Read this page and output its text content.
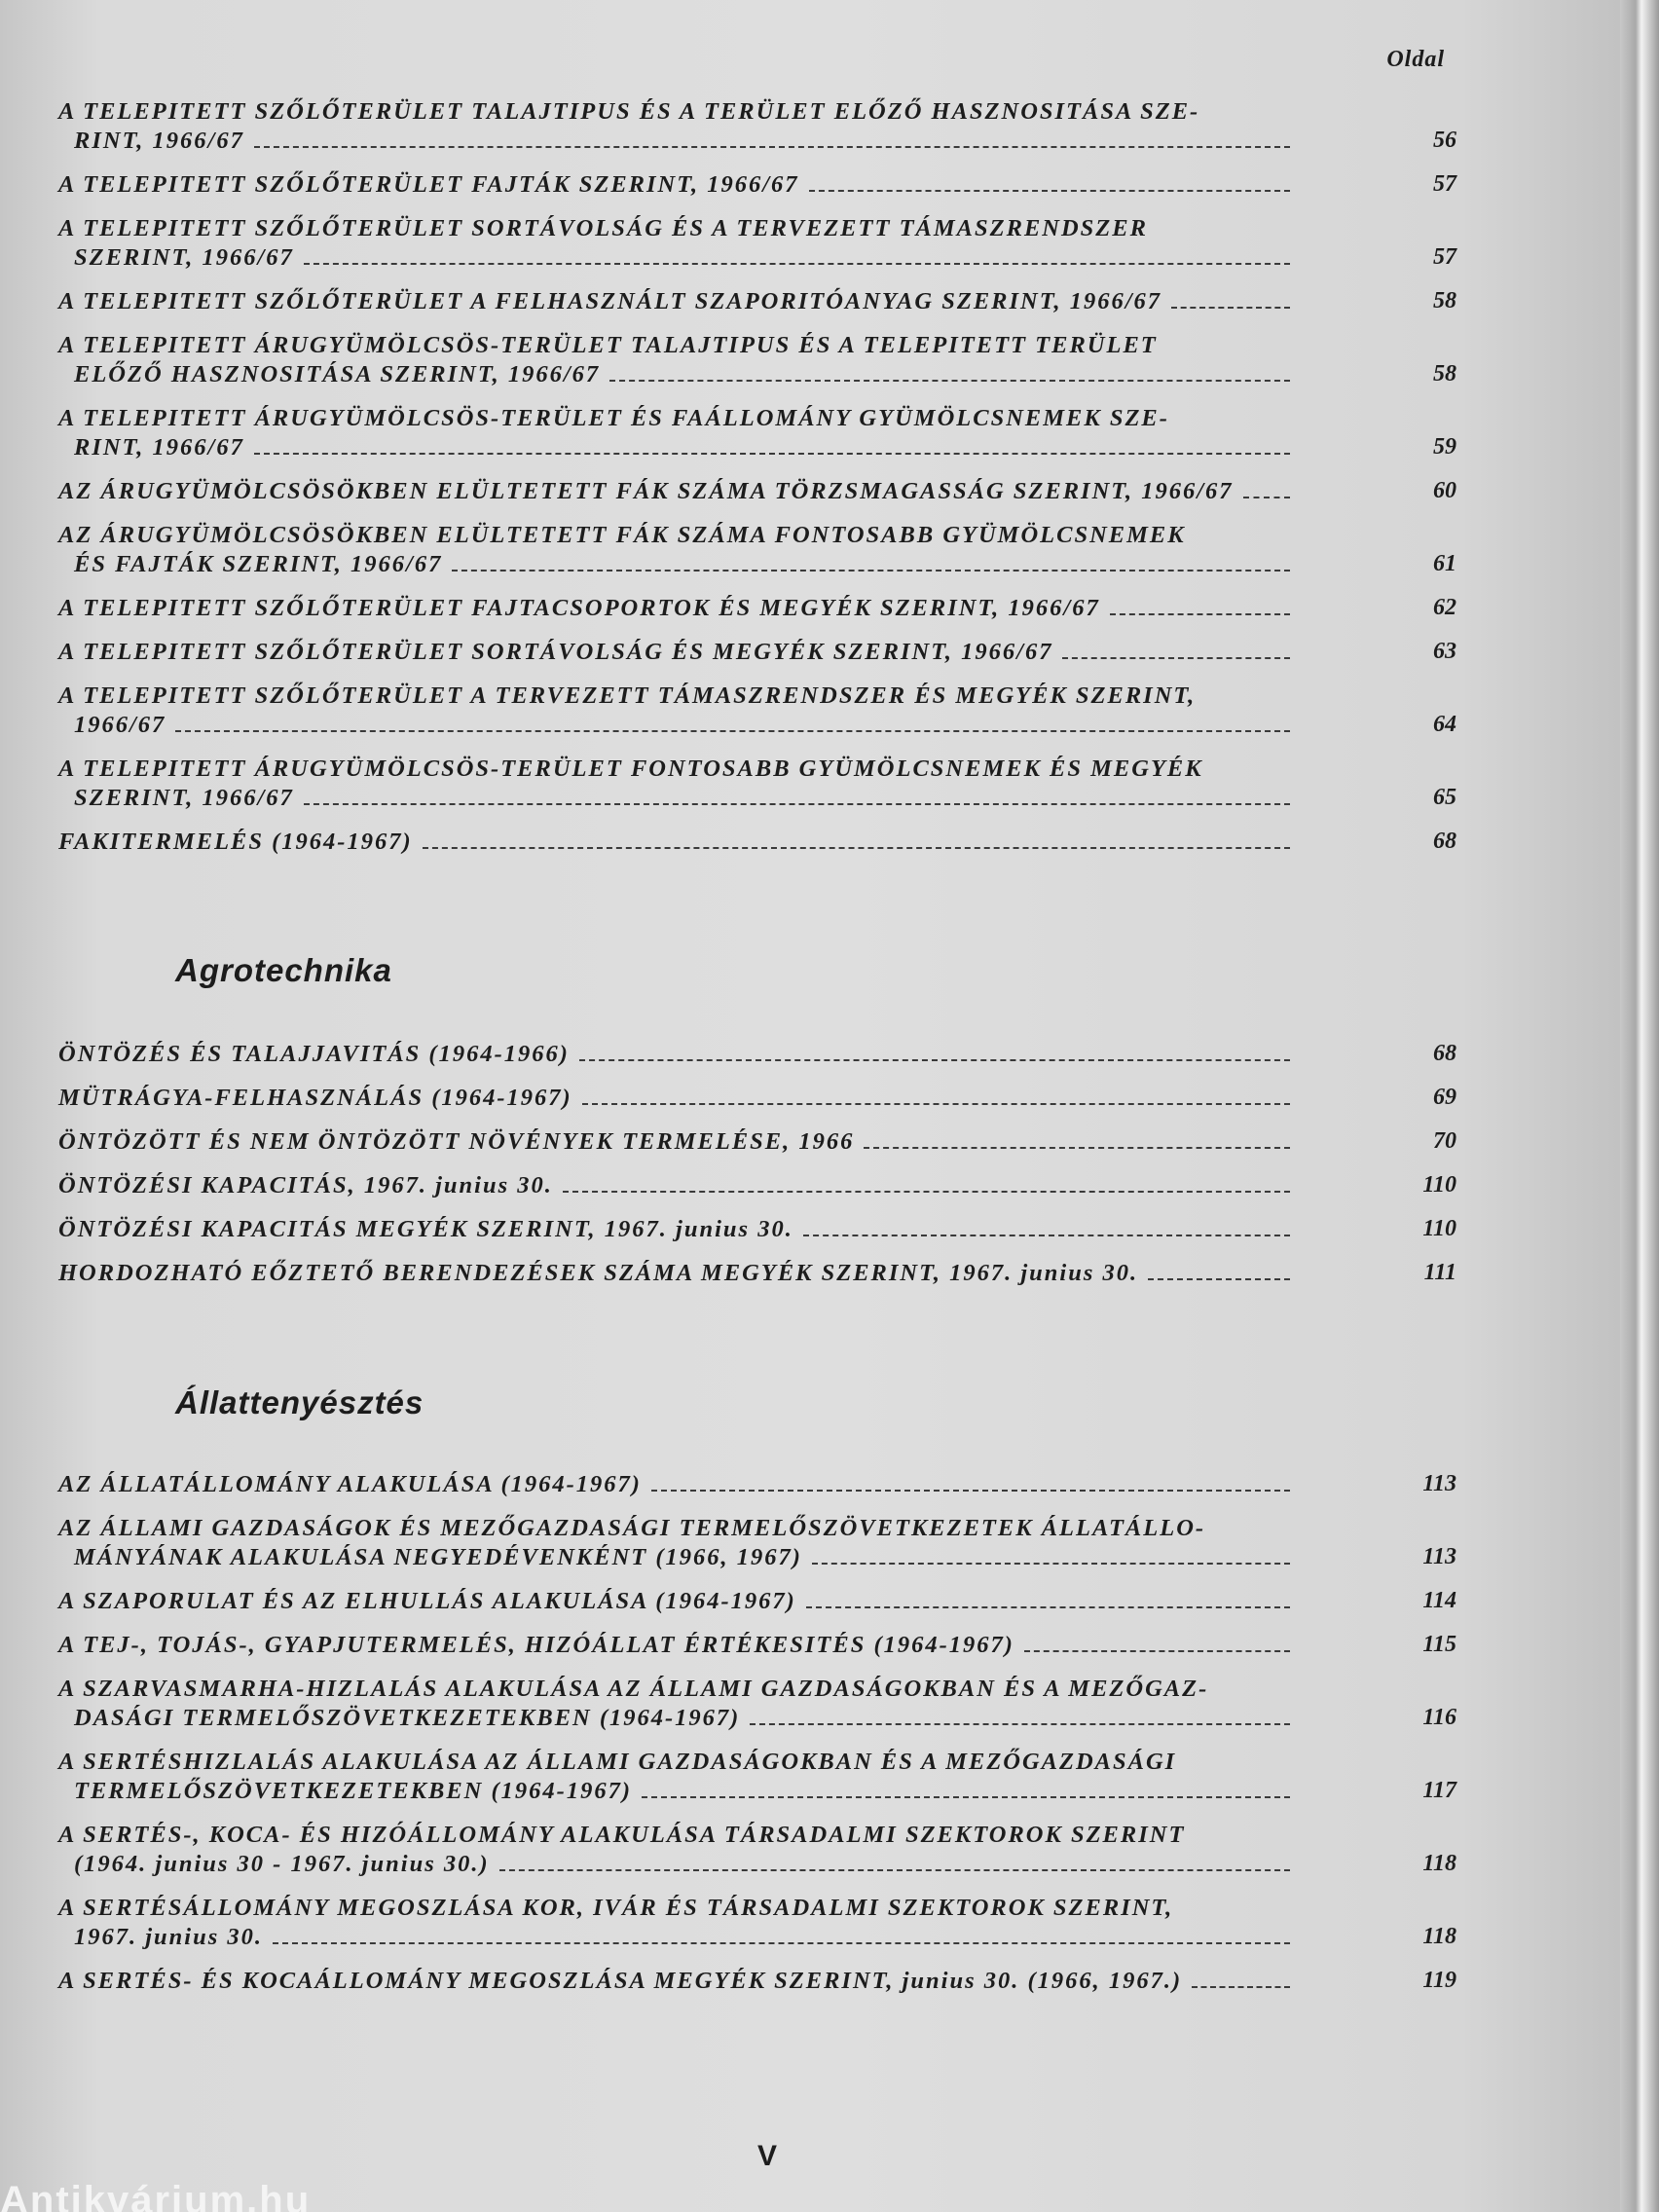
Oldal
A TELEPITETT SZŐLŐTERÜLET TALAJTIPUS ÉS A TERÜLET ELŐZŐ HASZNOSITÁSA SZE-
RINT, 1966/67	56
A TELEPITETT SZŐLŐTERÜLET FAJTÁK SZERINT, 1966/67	57
A TELEPITETT SZŐLŐTERÜLET SORTÁVOLSÁG ÉS A TERVEZETT TÁMASZRENDSZER
SZERINT, 1966/67	57
A TELEPITETT SZŐLŐTERÜLET A FELHASZNÁLT SZAPORITÓANYAG SZERINT, 1966/67	58
A TELEPITETT ÁRUGYÜMÖLCSÖS-TERÜLET TALAJTIPUS ÉS A TELEPITETT TERÜLET
ELŐZŐ HASZNOSITÁSA SZERINT, 1966/67	58
A TELEPITETT ÁRUGYÜMÖLCSÖS-TERÜLET ÉS FAÁLLOMÁNY GYÜMÖLCSNEMEK SZE-
RINT, 1966/67	59
AZ ÁRUGYÜMÖLCSÖSÖKBEN ELÜLTETETT FÁK SZÁMA TÖRZSMAGASSÁG SZERINT, 1966/67	60
AZ ÁRUGYÜMÖLCSÖSÖKBEN ELÜLTETETT FÁK SZÁMA FONTOSABB GYÜMÖLCSNEMEK
ÉS FAJTÁK SZERINT, 1966/67	61
A TELEPITETT SZŐLŐTERÜLET FAJTACSOPORTOK ÉS MEGYÉK SZERINT, 1966/67	62
A TELEPITETT SZŐLŐTERÜLET SORTÁVOLSÁG ÉS MEGYÉK SZERINT, 1966/67	63
A TELEPITETT SZŐLŐTERÜLET A TERVEZETT TÁMASZRENDSZER ÉS MEGYÉK SZERINT,
1966/67	64
A TELEPITETT ÁRUGYÜMÖLCSÖS-TERÜLET FONTOSABB GYÜMÖLCSNEMEK ÉS MEGYÉK
SZERINT, 1966/67	65
FAKITERMELÉS (1964-1967)	68
Agrotechnika
ÖNTÖZÉS ÉS TALAJJAVITÁS (1964-1966)	68
MÜTRÁGYA-FELHASZNÁLÁS (1964-1967)	69
ÖNTÖZÖTT ÉS NEM ÖNTÖZÖTT NÖVÉNYEK TERMELÉSE, 1966	70
ÖNTÖZÉSI KAPACITÁS, 1967. junius 30.	110
ÖNTÖZÉSI KAPACITÁS MEGYÉK SZERINT, 1967. junius 30.	110
HORDOZHATÓ EŐZTETŐ BERENDEZÉSEK SZÁMA MEGYÉK SZERINT, 1967. junius 30.	111
Állattenyésztés
AZ ÁLLATÁLLOMÁNY ALAKULÁSA (1964-1967)	113
AZ ÁLLAMI GAZDASÁGOK ÉS MEZŐGAZDASÁGI TERMELŐSZÖVETKEZETEK ÁLLATÁLLO-
MÁNYÁNAK ALAKULÁSA NEGYEDÉVENKÉNT (1966, 1967)	113
A SZAPORULAT ÉS AZ ELHULLÁS ALAKULÁSA (1964-1967)	114
A TEJ-, TOJÁS-, GYAPJUTERMELÉS, HIZÓÁLLAT ÉRTÉKESITÉS (1964-1967)	115
A SZARVASMARHA-HIZLALÁS ALAKULÁSA AZ ÁLLAMI GAZDASÁGOKBAN ÉS A MEZŐGAZ-
DASÁGI TERMELŐSZÖVETKEZETEKBEN (1964-1967)	116
A SERTÉSHIZLALÁS ALAKULÁSA AZ ÁLLAMI GAZDASÁGOKBAN ÉS A MEZŐGAZDASÁGI
TERMELŐSZÖVETKEZETEKBEN (1964-1967)	117
A SERTÉS-, KOCA- ÉS HIZÓÁLLOMÁNY ALAKULÁSA TÁRSADALMI SZEKTOROK SZERINT
(1964. junius 30 - 1967. junius 30.)	118
A SERTÉSÁLLOMÁNY MEGOSZLÁSA KOR, IVÁR ÉS TÁRSADALMI SZEKTOROK SZERINT,
1967. junius 30.	118
A SERTÉS- ÉS KOCAÁLLOMÁNY MEGOSZLÁSA MEGYÉK SZERINT, junius 30. (1966, 1967.)	119
V
Antikvárium.hu
